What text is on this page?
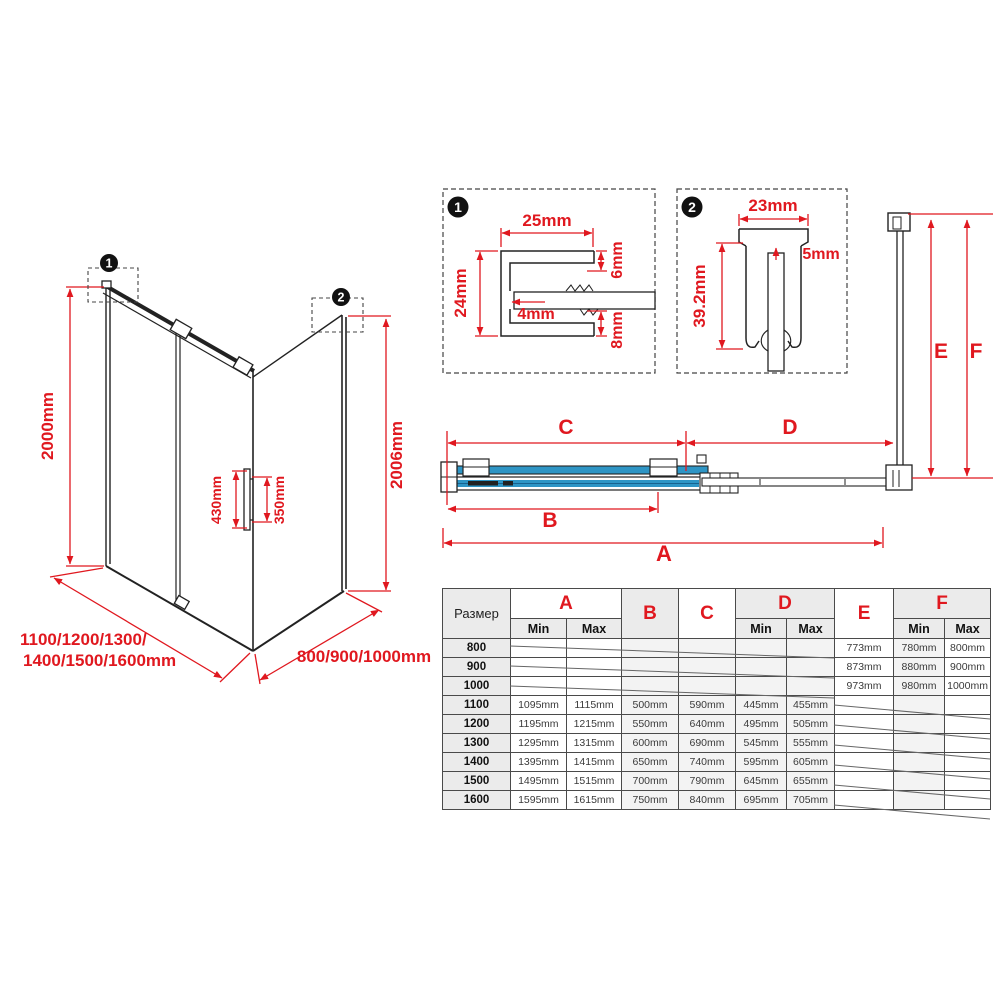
1
25mm
24mm	4mm
6mm
8mm
2	23mm
5mm
39.2mm
2000mm
430mm	350mm
2006mm
1100/1200/1300/
1400/1500/1600mm	800/900/1000mm
1
2
C	D
B
A
E F
Размер	A		B	C	D		E	F	
	Min	Max			Min	Max		Min	Max
800							773mm	780mm	800mm
900							873mm	880mm	900mm
1000							973mm	980mm	1000mm
1100	1095mm	1115mm	500mm	590mm	445mm	455mm			
1200	1195mm	1215mm	550mm	640mm	495mm	505mm			
1300	1295mm	1315mm	600mm	690mm	545mm	555mm			
1400	1395mm	1415mm	650mm	740mm	595mm	605mm			
1500	1495mm	1515mm	700mm	790mm	645mm	655mm			
1600	1595mm	1615mm	750mm	840mm	695mm	705mm			
